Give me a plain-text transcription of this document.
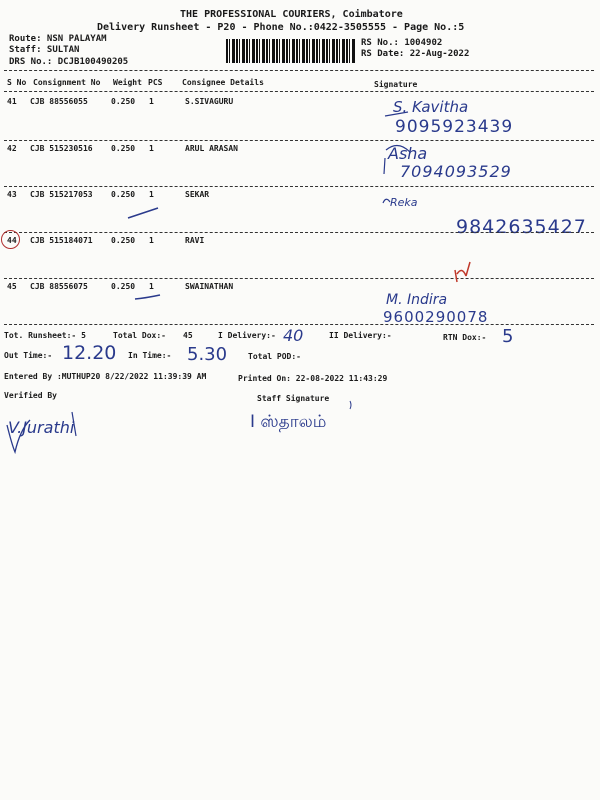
THE PROFESSIONAL COURIERS, Coimbatore
Delivery Runsheet - P20 - Phone No.:0422-3505555 - Page No.:5
Route: NSN PALAYAM
Staff: SULTAN
DRS No.: DCJB100490205
RS No.: 1004902
RS Date: 22-Aug-2022
S No Consignment No Weight PCS Consignee Details	Signature
41 CJB 88556055	0.250 1	S.SIVAGURU	S. Kavitha
9095923439
42 CJB 515230516 0.250 1	ARUL ARASAN	Asha
7094093529
43 CJB 515217053 0.250 1	SEKAR
Reka
9842635427
44 CJB 515184071 0.250 1	RAVI
45 CJB 88556075	0.250 1	SWAINATHAN
M. Indira
9600290078
Tot. Runsheet:- 5	Total Dox:- 45	I Delivery:- 40	II Delivery:-	RTN Dox:- 5
Out Time:- 12.20 In Time:- 5.30	Total POD:-
Entered By :MUTHUP20 8/22/2022 11:39:39 AM	Printed On: 22-08-2022 11:43:29
Verified By	Staff Signature
V.Jurathi	I ஸ்தாலம்
